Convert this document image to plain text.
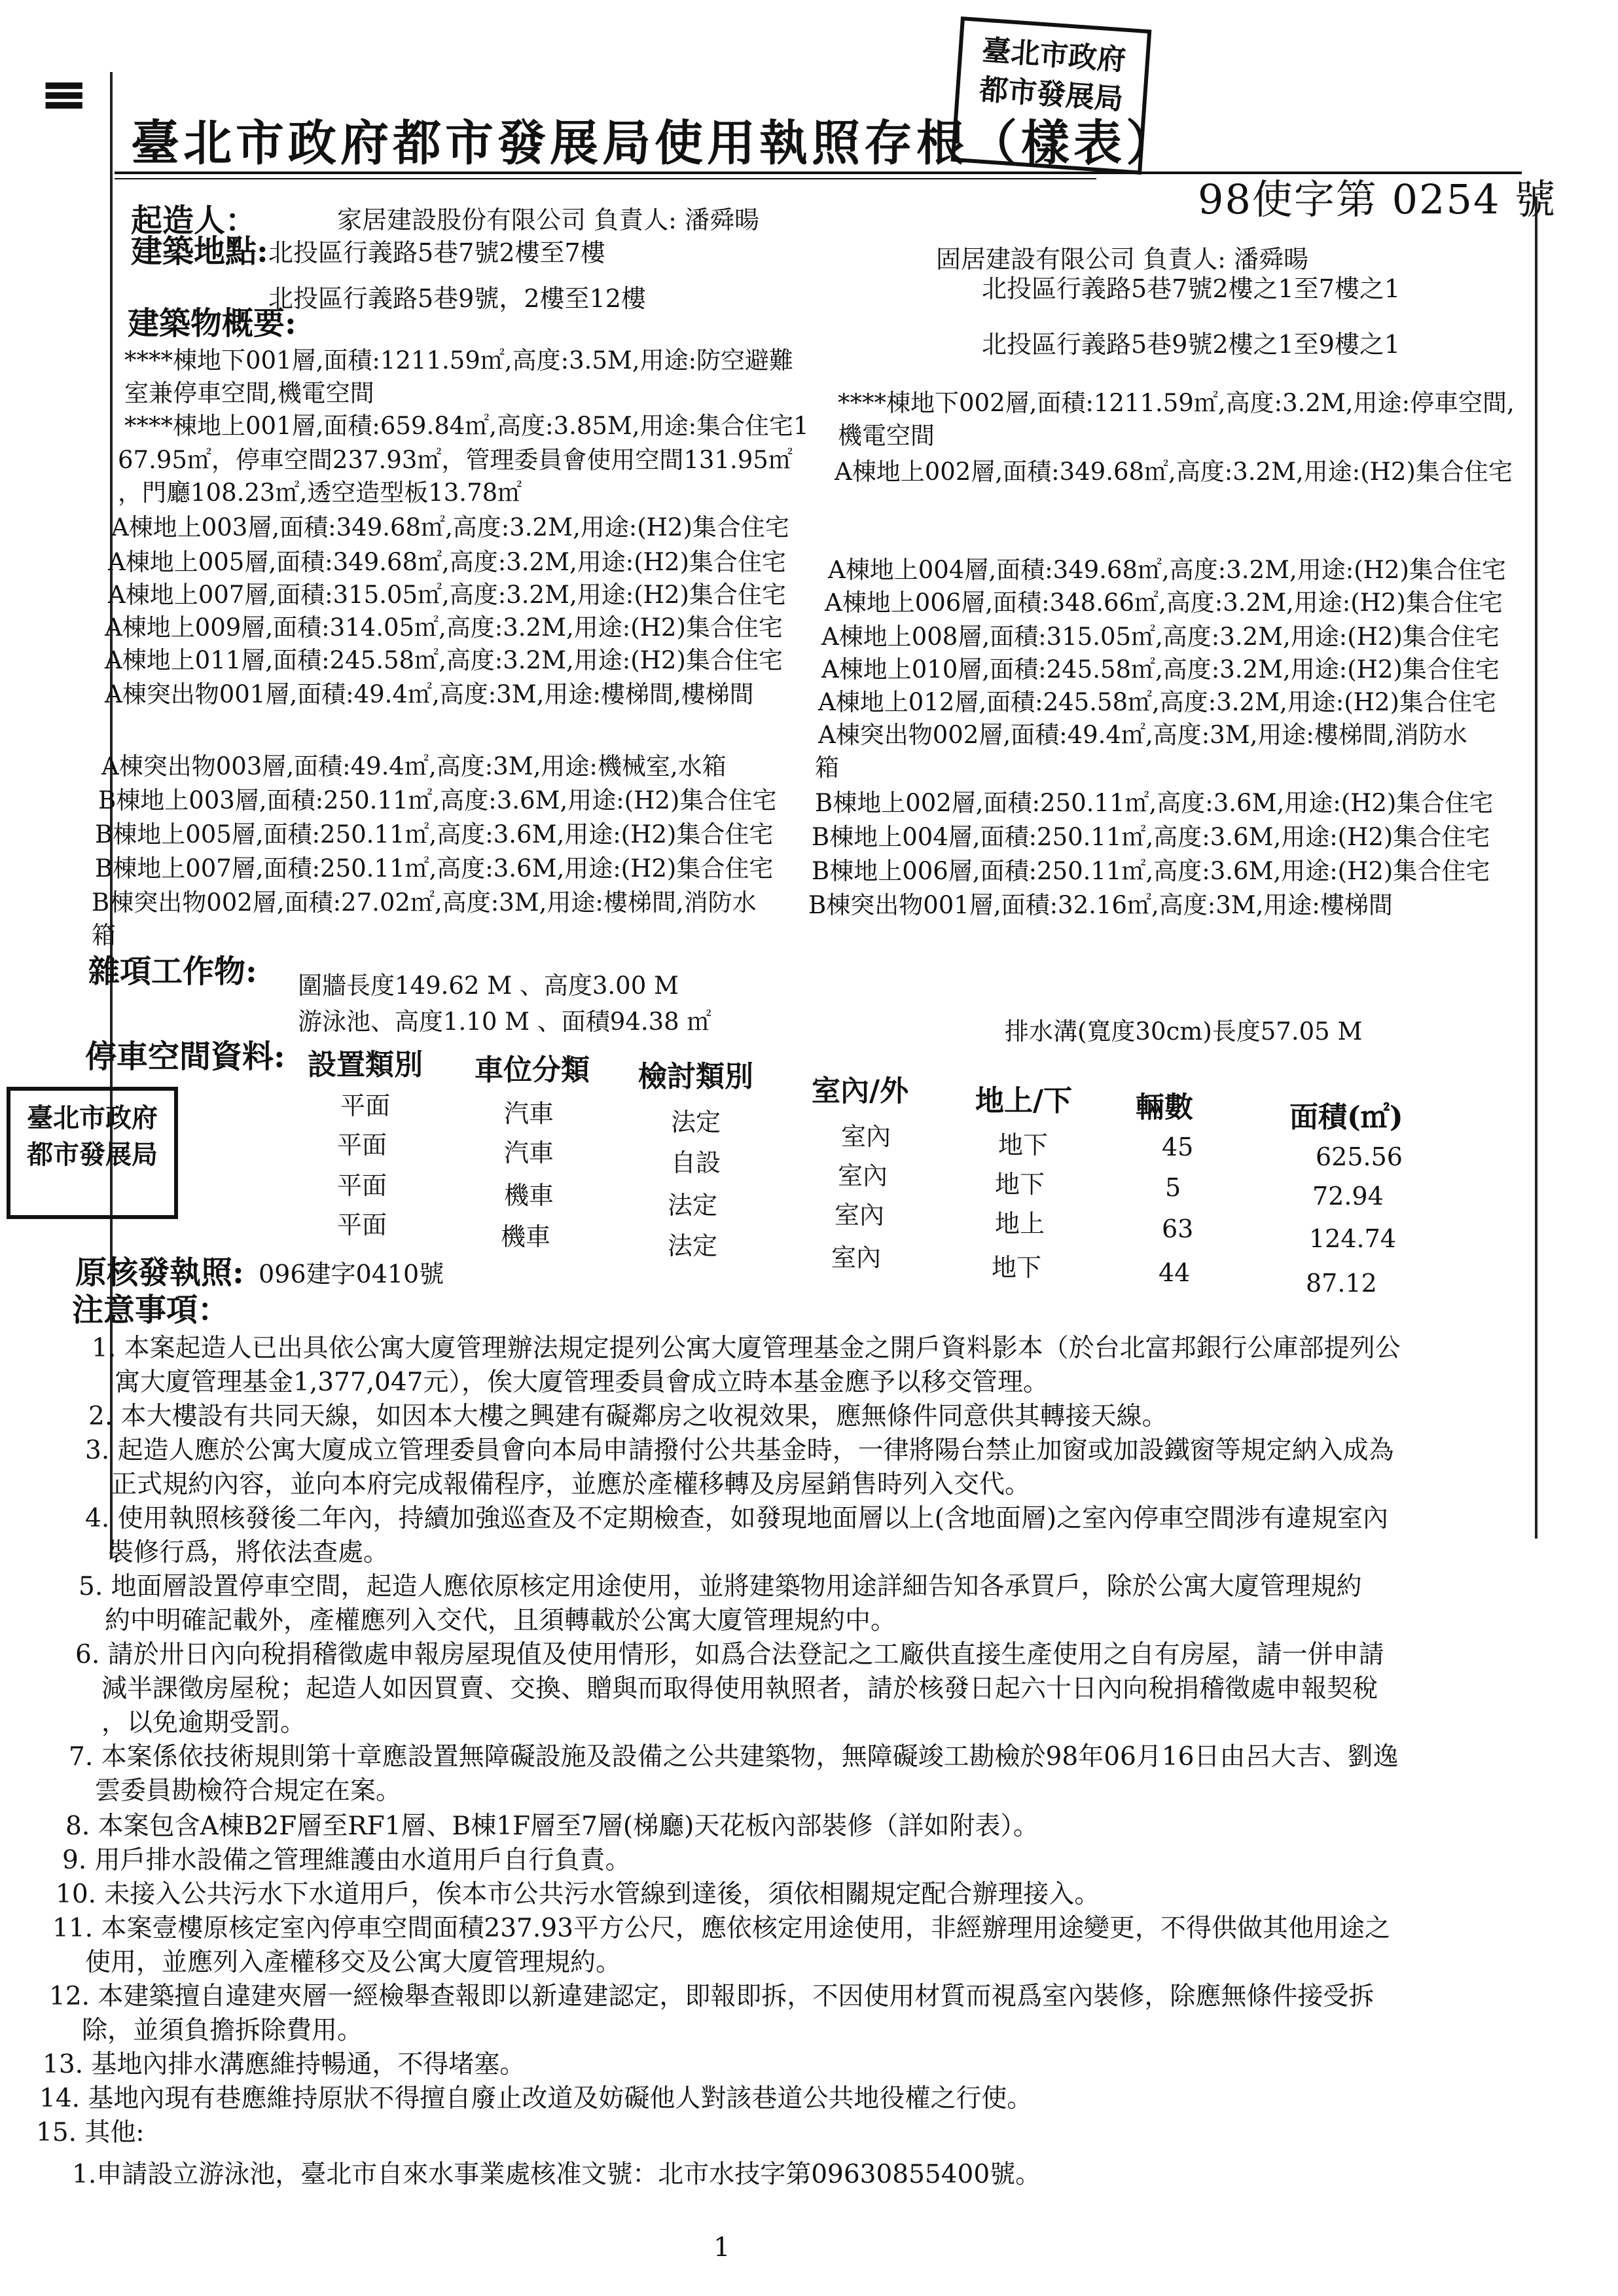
≡
臺北市政府都市發展局
臺北市政府都市發展局使用執照存根（樣表）
98使字第 0254 號
起造人：	家居建設股份有限公司 負責人: 潘舜暘
固居建設有限公司 負責人: 潘舜暘
建築地點: 北投區行義路5巷7號2樓至7樓
北投區行義路5巷9號，2樓至12樓	北投區行義路5巷7號2樓之1至7樓之1
北投區行義路5巷9號2樓之1至9樓之1
建築物概要:
****棟地下001層,面積:1211.59㎡,高度:3.5M,用途:防空避難
室兼停車空間,機電空間
****棟地上001層,面積:659.84㎡,高度:3.85M,用途:集合住宅1
67.95㎡，停車空間237.93㎡，管理委員會使用空間131.95㎡
，門廳108.23㎡,透空造型板13.78㎡
A棟地上003層,面積:349.68㎡,高度:3.2M,用途:(H2)集合住宅
A棟地上005層,面積:349.68㎡,高度:3.2M,用途:(H2)集合住宅
A棟地上007層,面積:315.05㎡,高度:3.2M,用途:(H2)集合住宅
A棟地上009層,面積:314.05㎡,高度:3.2M,用途:(H2)集合住宅
A棟地上011層,面積:245.58㎡,高度:3.2M,用途:(H2)集合住宅
A棟突出物001層,面積:49.4㎡,高度:3M,用途:樓梯間,樓梯間
A棟突出物003層,面積:49.4㎡,高度:3M,用途:機械室,水箱
B棟地上003層,面積:250.11㎡,高度:3.6M,用途:(H2)集合住宅
B棟地上005層,面積:250.11㎡,高度:3.6M,用途:(H2)集合住宅
B棟地上007層,面積:250.11㎡,高度:3.6M,用途:(H2)集合住宅
B棟突出物002層,面積:27.02㎡,高度:3M,用途:樓梯間,消防水
箱
****棟地下002層,面積:1211.59㎡,高度:3.2M,用途:停車空間,
機電空間
A棟地上002層,面積:349.68㎡,高度:3.2M,用途:(H2)集合住宅
A棟地上004層,面積:349.68㎡,高度:3.2M,用途:(H2)集合住宅
A棟地上006層,面積:348.66㎡,高度:3.2M,用途:(H2)集合住宅
A棟地上008層,面積:315.05㎡,高度:3.2M,用途:(H2)集合住宅
A棟地上010層,面積:245.58㎡,高度:3.2M,用途:(H2)集合住宅
A棟地上012層,面積:245.58㎡,高度:3.2M,用途:(H2)集合住宅
A棟突出物002層,面積:49.4㎡,高度:3M,用途:樓梯間,消防水
箱
B棟地上002層,面積:250.11㎡,高度:3.6M,用途:(H2)集合住宅
B棟地上004層,面積:250.11㎡,高度:3.6M,用途:(H2)集合住宅
B棟地上006層,面積:250.11㎡,高度:3.6M,用途:(H2)集合住宅
B棟突出物001層,面積:32.16㎡,高度:3M,用途:樓梯間
雜項工作物: 圍牆長度149.62 M 、高度3.00 M
游泳池、高度1.10 M 、面積94.38 ㎡	排水溝(寬度30cm)長度57.05 M
停車空間資料:
臺北市政府都市發展局
設置類別 車位分類 檢討類別 室內/外 地上/下 輛數	面積(㎡)
平面	汽車	法定	室內	地下	45	625.56
平面	汽車	自設	室內	地下	5	72.94
平面	機車	法定	室內	地上	63	124.74
平面	機車	法定	室內	地下	44	87.12
原核發執照: 096建字0410號
注意事項：
1. 本案起造人已出具依公寓大廈管理辦法規定提列公寓大廈管理基金之開戶資料影本（於台北富邦銀行公庫部提列公
寓大廈管理基金1,377,047元），俟大廈管理委員會成立時本基金應予以移交管理。
2. 本大樓設有共同天線，如因本大樓之興建有礙鄰房之收視效果，應無條件同意供其轉接天線。
3. 起造人應於公寓大廈成立管理委員會向本局申請撥付公共基金時，一律將陽台禁止加窗或加設鐵窗等規定納入成為
正式規約內容，並向本府完成報備程序，並應於產權移轉及房屋銷售時列入交代。
4. 使用執照核發後二年內，持續加強巡查及不定期檢查，如發現地面層以上(含地面層)之室內停車空間涉有違規室內
裝修行爲，將依法查處。
5. 地面層設置停車空間，起造人應依原核定用途使用，並將建築物用途詳細告知各承買戶，除於公寓大廈管理規約
約中明確記載外，產權應列入交代，且須轉載於公寓大廈管理規約中。
6. 請於卅日內向稅捐稽徵處申報房屋現值及使用情形，如爲合法登記之工廠供直接生產使用之自有房屋，請一併申請
減半課徵房屋稅；起造人如因買賣、交換、贈與而取得使用執照者，請於核發日起六十日內向稅捐稽徵處申報契稅
，以免逾期受罰。
7. 本案係依技術規則第十章應設置無障礙設施及設備之公共建築物，無障礙竣工勘檢於98年06月16日由呂大吉、劉逸
雲委員勘檢符合規定在案。
8. 本案包含A棟B2F層至RF1層、B棟1F層至7層(梯廳)天花板內部裝修（詳如附表）。
9. 用戶排水設備之管理維護由水道用戶自行負責。
10. 未接入公共污水下水道用戶，俟本市公共污水管線到達後，須依相關規定配合辦理接入。
11. 本案壹樓原核定室內停車空間面積237.93平方公尺，應依核定用途使用，非經辦理用途變更，不得供做其他用途之
使用，並應列入產權移交及公寓大廈管理規約。
12. 本建築擅自違建夾層一經檢舉查報即以新違建認定，即報即拆，不因使用材質而視爲室內裝修，除應無條件接受拆
除，並須負擔拆除費用。
13. 基地內排水溝應維持暢通，不得堵塞。
14. 基地內現有巷應維持原狀不得擅自廢止改道及妨礙他人對該巷道公共地役權之行使。
15. 其他:
1.申請設立游泳池，臺北市自來水事業處核准文號：北市水技字第09630855400號。
1
